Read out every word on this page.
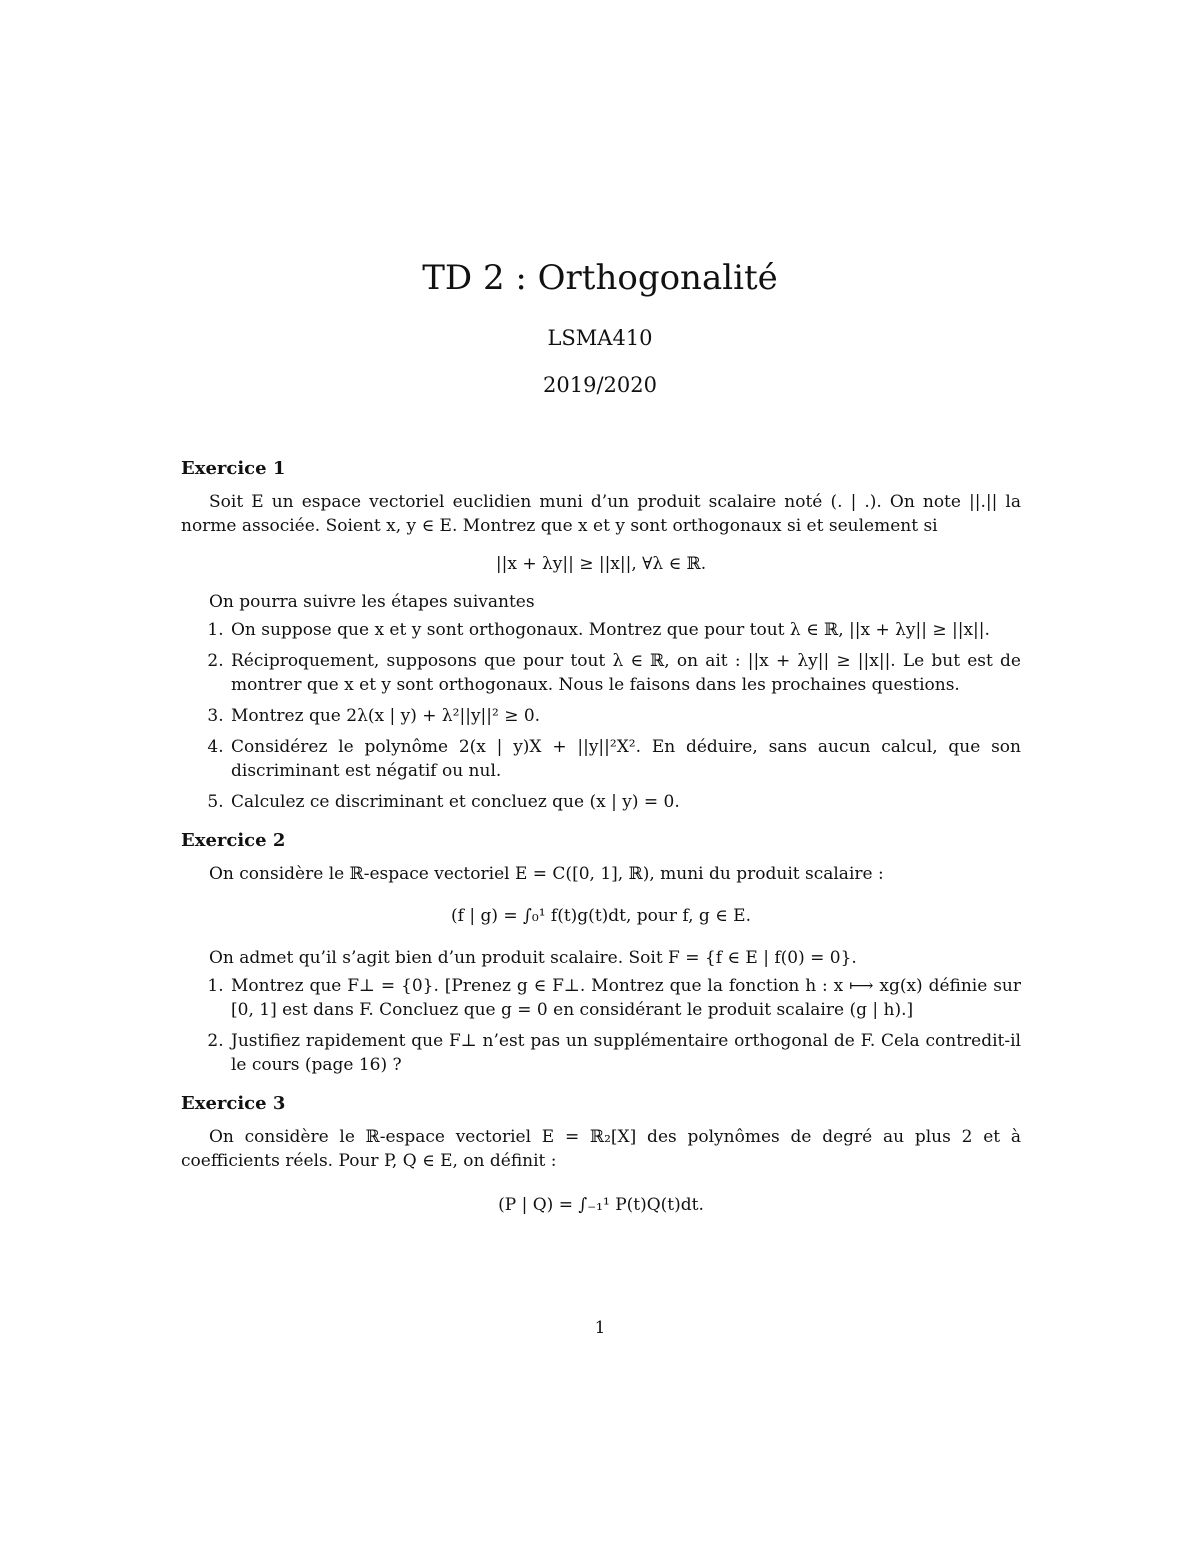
TD 2 : Orthogonalité
LSMA410
2019/2020
Exercice 1

Soit E un espace vectoriel euclidien muni d’un produit scalaire noté (. | .). On note ||.|| la norme associée. Soient x, y ∈ E. Montrez que x et y sont orthogonaux si et seulement si

||x + λy|| ≥ ||x||, ∀λ ∈ ℝ.

On pourra suivre les étapes suivantes

1. On suppose que x et y sont orthogonaux. Montrez que pour tout λ ∈ ℝ, ||x + λy|| ≥ ||x||.
2. Réciproquement, supposons que pour tout λ ∈ ℝ, on ait : ||x + λy|| ≥ ||x||. Le but est de montrer que x et y sont orthogonaux. Nous le faisons dans les prochaines questions.
3. Montrez que 2λ(x | y) + λ²||y||² ≥ 0.
4. Considérez le polynôme 2(x | y)X + ||y||²X². En déduire, sans aucun calcul, que son discriminant est négatif ou nul.
5. Calculez ce discriminant et concluez que (x | y) = 0.
Exercice 2

On considère le ℝ-espace vectoriel E = C([0, 1], ℝ), muni du produit scalaire :

(f | g) = ∫₀¹ f(t)g(t)dt, pour f, g ∈ E.

On admet qu’il s’agit bien d’un produit scalaire. Soit F = {f ∈ E | f(0) = 0}.

1. Montrez que F⊥ = {0}. [Prenez g ∈ F⊥. Montrez que la fonction h : x ⟼ xg(x) définie sur [0, 1] est dans F. Concluez que g = 0 en considérant le produit scalaire (g | h).]
2. Justifiez rapidement que F⊥ n’est pas un supplémentaire orthogonal de F. Cela contredit-il le cours (page 16) ?
Exercice 3

On considère le ℝ-espace vectoriel E = ℝ₂[X] des polynômes de degré au plus 2 et à coefficients réels. Pour P, Q ∈ E, on définit :

(P | Q) = ∫₋₁¹ P(t)Q(t)dt.

1
